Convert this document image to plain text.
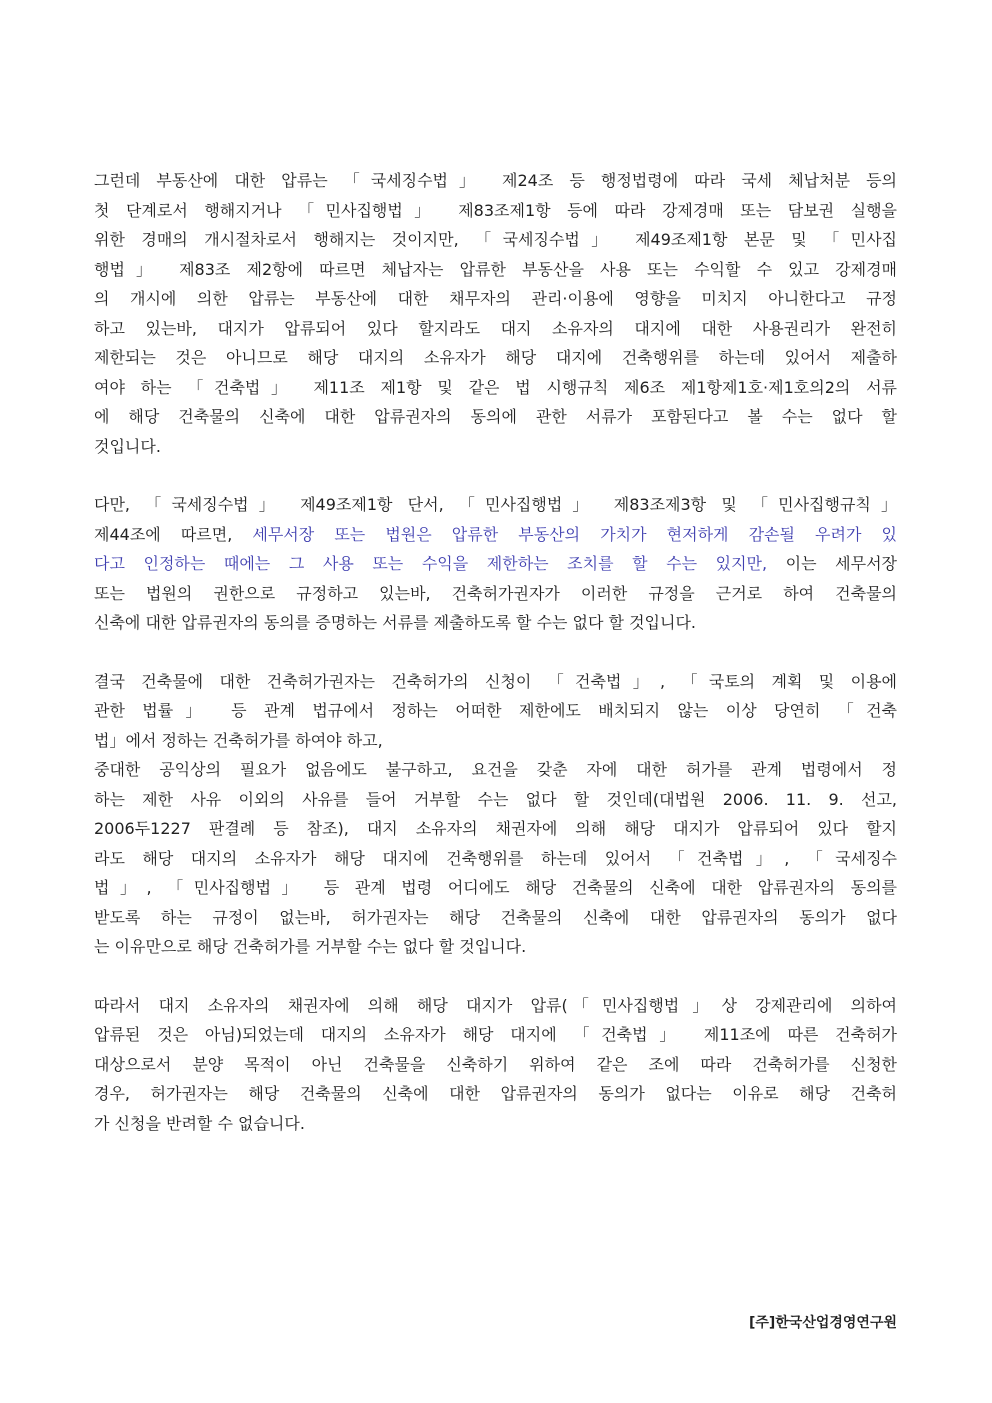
그런데 부동산에 대한 압류는 「국세징수법」 제24조 등 행정법령에 따라 국세 체납처분 등의
첫 단계로서 행해지거나 「민사집행법」 제83조제1항 등에 따라 강제경매 또는 담보권 실행을
위한 경매의 개시절차로서 행해지는 것이지만, 「국세징수법」 제49조제1항 본문 및 「민사집
행법」 제83조 제2항에 따르면 체납자는 압류한 부동산을 사용 또는 수익할 수 있고 강제경매
의 개시에 의한 압류는 부동산에 대한 채무자의 관리·이용에 영향을 미치지 아니한다고 규정
하고 있는바, 대지가 압류되어 있다 할지라도 대지 소유자의 대지에 대한 사용권리가 완전히
제한되는 것은 아니므로 해당 대지의 소유자가 해당 대지에 건축행위를 하는데 있어서 제출하
여야 하는 「건축법」 제11조 제1항 및 같은 법 시행규칙 제6조 제1항제1호·제1호의2의 서류
에 해당 건축물의 신축에 대한 압류권자의 동의에 관한 서류가 포함된다고 볼 수는 없다 할
것입니다.
다만, 「국세징수법」 제49조제1항 단서, 「민사집행법」 제83조제3항 및 「민사집행규칙」
제44조에 따르면, 세무서장 또는 법원은 압류한 부동산의 가치가 현저하게 감손될 우려가 있
다고 인정하는 때에는 그 사용 또는 수익을 제한하는 조치를 할 수는 있지만, 이는 세무서장
또는 법원의 권한으로 규정하고 있는바, 건축허가권자가 이러한 규정을 근거로 하여 건축물의
신축에 대한 압류권자의 동의를 증명하는 서류를 제출하도록 할 수는 없다 할 것입니다.
결국 건축물에 대한 건축허가권자는 건축허가의 신청이 「건축법」, 「국토의 계획 및 이용에
관한 법률」 등 관계 법규에서 정하는 어떠한 제한에도 배치되지 않는 이상 당연히 「건축
법」에서 정하는 건축허가를 하여야 하고,
중대한 공익상의 필요가 없음에도 불구하고, 요건을 갖춘 자에 대한 허가를 관계 법령에서 정
하는 제한 사유 이외의 사유를 들어 거부할 수는 없다 할 것인데(대법원 2006. 11. 9. 선고,
2006두1227 판결례 등 참조), 대지 소유자의 채권자에 의해 해당 대지가 압류되어 있다 할지
라도 해당 대지의 소유자가 해당 대지에 건축행위를 하는데 있어서 「건축법」, 「국세징수
법」, 「민사집행법」 등 관계 법령 어디에도 해당 건축물의 신축에 대한 압류권자의 동의를
받도록 하는 규정이 없는바, 허가권자는 해당 건축물의 신축에 대한 압류권자의 동의가 없다
는 이유만으로 해당 건축허가를 거부할 수는 없다 할 것입니다.
따라서 대지 소유자의 채권자에 의해 해당 대지가 압류(「민사집행법」상 강제관리에 의하여
압류된 것은 아님)되었는데 대지의 소유자가 해당 대지에 「건축법」 제11조에 따른 건축허가
대상으로서 분양 목적이 아닌 건축물을 신축하기 위하여 같은 조에 따라 건축허가를 신청한
경우, 허가권자는 해당 건축물의 신축에 대한 압류권자의 동의가 없다는 이유로 해당 건축허
가 신청을 반려할 수 없습니다.
[주]한국산업경영연구원
